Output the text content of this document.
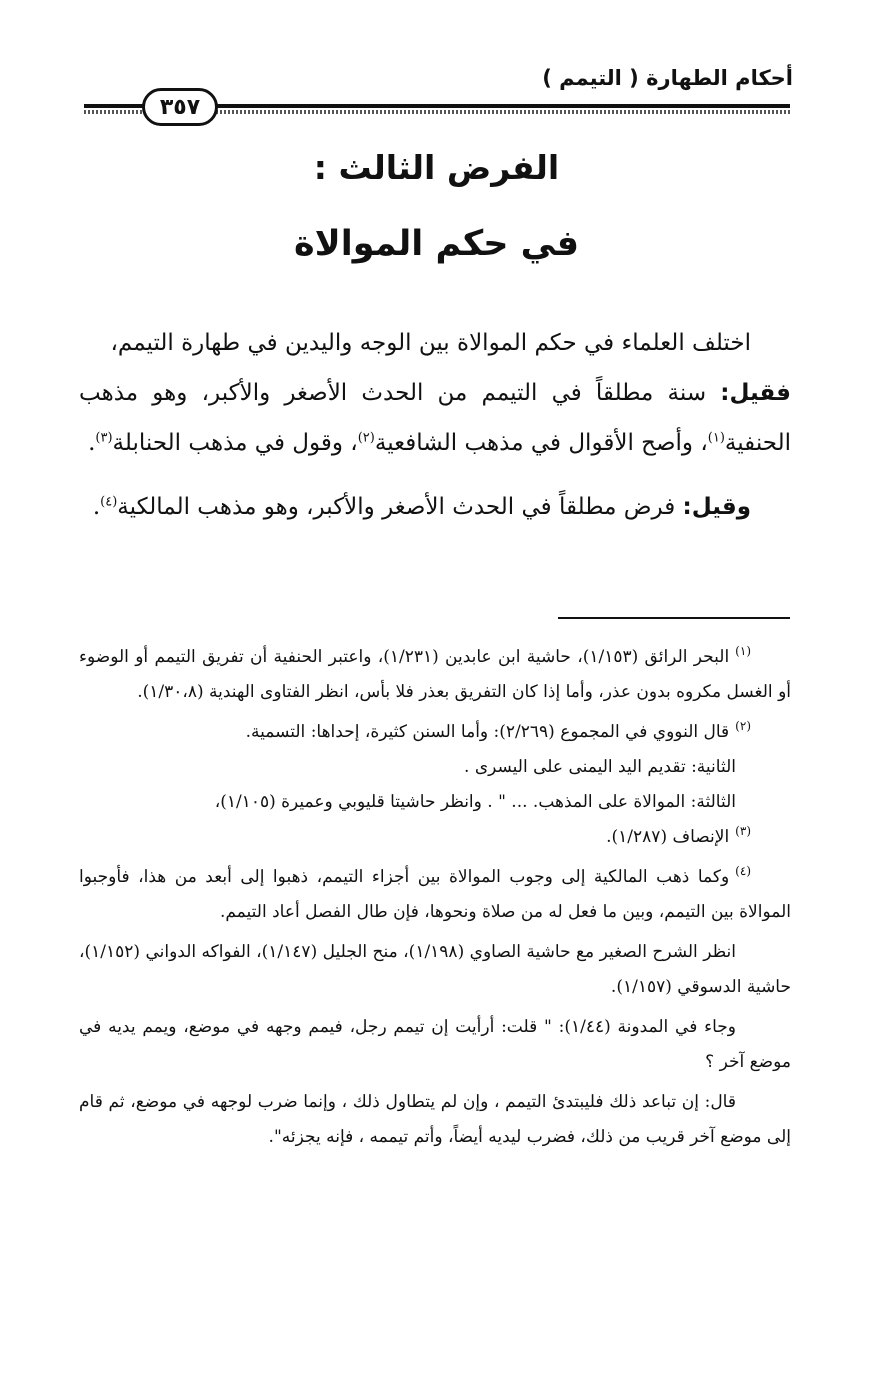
أحكام الطهارة ( التيمم )
٣٥٧
الفرض الثالث :
في حكم الموالاة

اختلف العلماء في حكم الموالاة بين الوجه واليدين في طهارة التيمم،

فقيل: سنة مطلقاً في التيمم من الحدث الأصغر والأكبر، وهو مذهب الحنفية$^{(١)}$، وأصح الأقوال في مذهب الشافعية$^{(٢)}$، وقول في مذهب الحنابلة$^{(٣)}$.

وقيل: فرض مطلقاً في الحدث الأصغر والأكبر، وهو مذهب المالكية$^{(٤)}$.

$^{(١)}$البحر الرائق (١/١٥٣)، حاشية ابن عابدين (١/٢٣١)، واعتبر الحنفية أن تفريق التيمم أو الوضوء أو الغسل مكروه بدون عذر، وأما إذا كان التفريق بعذر فلا بأس، انظر الفتاوى الهندية (١/٣٠،٨).

$^{(٢)}$قال النووي في المجموع (٢/٢٦٩): وأما السنن كثيرة، إحداها: التسمية.

الثانية: تقديم اليد اليمنى على اليسرى .

الثالثة: الموالاة على المذهب. ... " . وانظر حاشيتا قليوبي وعميرة (١/١٠٥)،

$^{(٣)}$الإنصاف (١/٢٨٧).

$^{(٤)}$وكما ذهب المالكية إلى وجوب الموالاة بين أجزاء التيمم، ذهبوا إلى أبعد من هذا، فأوجبوا الموالاة بين التيمم، وبين ما فعل له من صلاة ونحوها، فإن طال الفصل أعاد التيمم.

انظر الشرح الصغير مع حاشية الصاوي (١/١٩٨)، منح الجليل (١/١٤٧)، الفواكه الدواني (١/١٥٢)، حاشية الدسوقي (١/١٥٧).

وجاء في المدونة (١/٤٤): " قلت: أرأيت إن تيمم رجل، فيمم وجهه في موضع، ويمم يديه في موضع آخر ؟

قال: إن تباعد ذلك فليبتدئ التيمم ، وإن لم يتطاول ذلك ، وإنما ضرب لوجهه في موضع، ثم قام إلى موضع آخر قريب من ذلك، فضرب ليديه أيضاً، وأتم تيممه ، فإنه يجزئه".
